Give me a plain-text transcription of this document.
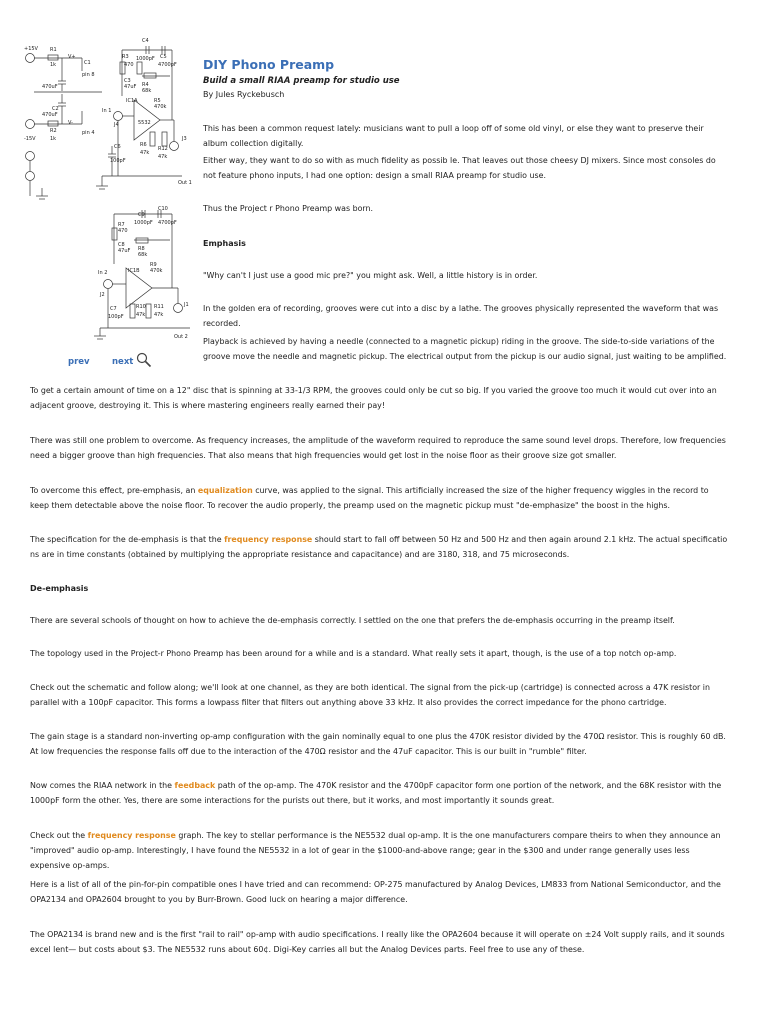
+15V R1
1k
V+
C1
pin 8
470uF
C2
470uF
R2
1k
V-
pin 4
-15V
R3
470
C4
1000pF C5
4700pF
C3
47uF R4
68k
R5
470k
In 1
IC1A
5532
J4
C6
100pF
R6
47k
R12
47k
J3
Out 1
R7
470
C9
1000pF
C10
4700pF
C8
47uF R8
68k
R9
470k
In 2	IC1B
J2
C7
100pF
R10
47k
R11
47k
J1
Out 2
prev	next
DIY Phono Preamp

Build a small RIAA preamp for studio use

By Jules Ryckebusch

This has been a common request lately: musicians want to pull a loop off of some old vinyl, or else they want to preserve their album collection digitally.

Either way, they want to do so with as much fidelity as possib le. That leaves out those cheesy DJ mixers. Since most consoles do not feature phono inputs, I had one option: design a small RIAA preamp for studio use.

Thus the Project r Phono Preamp was born.

Emphasis

"Why can't I just use a good mic pre?" you might ask. Well, a little history is in order.

In the golden era of recording, grooves were cut into a disc by a lathe. The grooves physically represented the waveform that was recorded.

Playback is achieved by having a needle (connected to a magnetic pickup) riding in the groove. The side-to-side variations of the groove move the needle and magnetic pickup. The electrical output from the pickup is our audio signal, just waiting to be amplified.

To get a certain amount of time on a 12" disc that is spinning at 33-1/3 RPM, the grooves could only be cut so big. If you varied the groove too much it would cut over into an adjacent groove, destroying it. This is where mastering engineers really earned their pay!

There was still one problem to overcome. As frequency increases, the amplitude of the waveform required to reproduce the same sound level drops. Therefore, low frequencies need a bigger groove than high frequencies. That also means that high frequencies would get lost in the noise floor as their groove size got smaller.

To overcome this effect, pre-emphasis, an equalization curve, was applied to the signal. This artificially increased the size of the higher frequency wiggles in the record to keep them detectable above the noise floor. To recover the audio properly, the preamp used on the magnetic pickup must "de-emphasize" the boost in the highs.

The specification for the de-emphasis is that the frequency response should start to fall off between 50 Hz and 500 Hz and then again around 2.1 kHz. The actual specificatio ns are in time constants (obtained by multiplying the appropriate resistance and capacitance) and are 3180, 318, and 75 microseconds.

De-emphasis

There are several schools of thought on how to achieve the de-emphasis correctly. I settled on the one that prefers the de-emphasis occurring in the preamp itself.

The topology used in the Project-r Phono Preamp has been around for a while and is a standard. What really sets it apart, though, is the use of a top notch op-amp.

Check out the schematic and follow along; we'll look at one channel, as they are both identical. The signal from the pick-up (cartridge) is connected across a 47K resistor in parallel with a 100pF capacitor. This forms a lowpass filter that filters out anything above 33 kHz. It also provides the correct impedance for the phono cartridge.

The gain stage is a standard non-inverting op-amp configuration with the gain nominally equal to one plus the 470K resistor divided by the 470Ω resistor. This is roughly 60 dB. At low frequencies the response falls off due to the interaction of the 470Ω resistor and the 47uF capacitor. This is our built in "rumble" filter.

Now comes the RIAA network in the feedback path of the op-amp. The 470K resistor and the 4700pF capacitor form one portion of the network, and the 68K resistor with the 1000pF form the other. Yes, there are some interactions for the purists out there, but it works, and most importantly it sounds great.

Check out the frequency response graph. The key to stellar performance is the NE5532 dual op-amp. It is the one manufacturers compare theirs to when they announce an "improved" audio op-amp. Interestingly, I have found the NE5532 in a lot of gear in the $1000-and-above range; gear in the $300 and under range generally uses less expensive op-amps.

Here is a list of all of the pin-for-pin compatible ones I have tried and can recommend: OP-275 manufactured by Analog Devices, LM833 from National Semiconductor, and the OPA2134 and OPA2604 brought to you by Burr-Brown. Good luck on hearing a major difference.

The OPA2134 is brand new and is the first "rail to rail" op-amp with audio specifications. I really like the OPA2604 because it will operate on ±24 Volt supply rails, and it sounds excel lent— but costs about $3. The NE5532 runs about 60¢. Digi-Key carries all but the Analog Devices parts. Feel free to use any of these.
